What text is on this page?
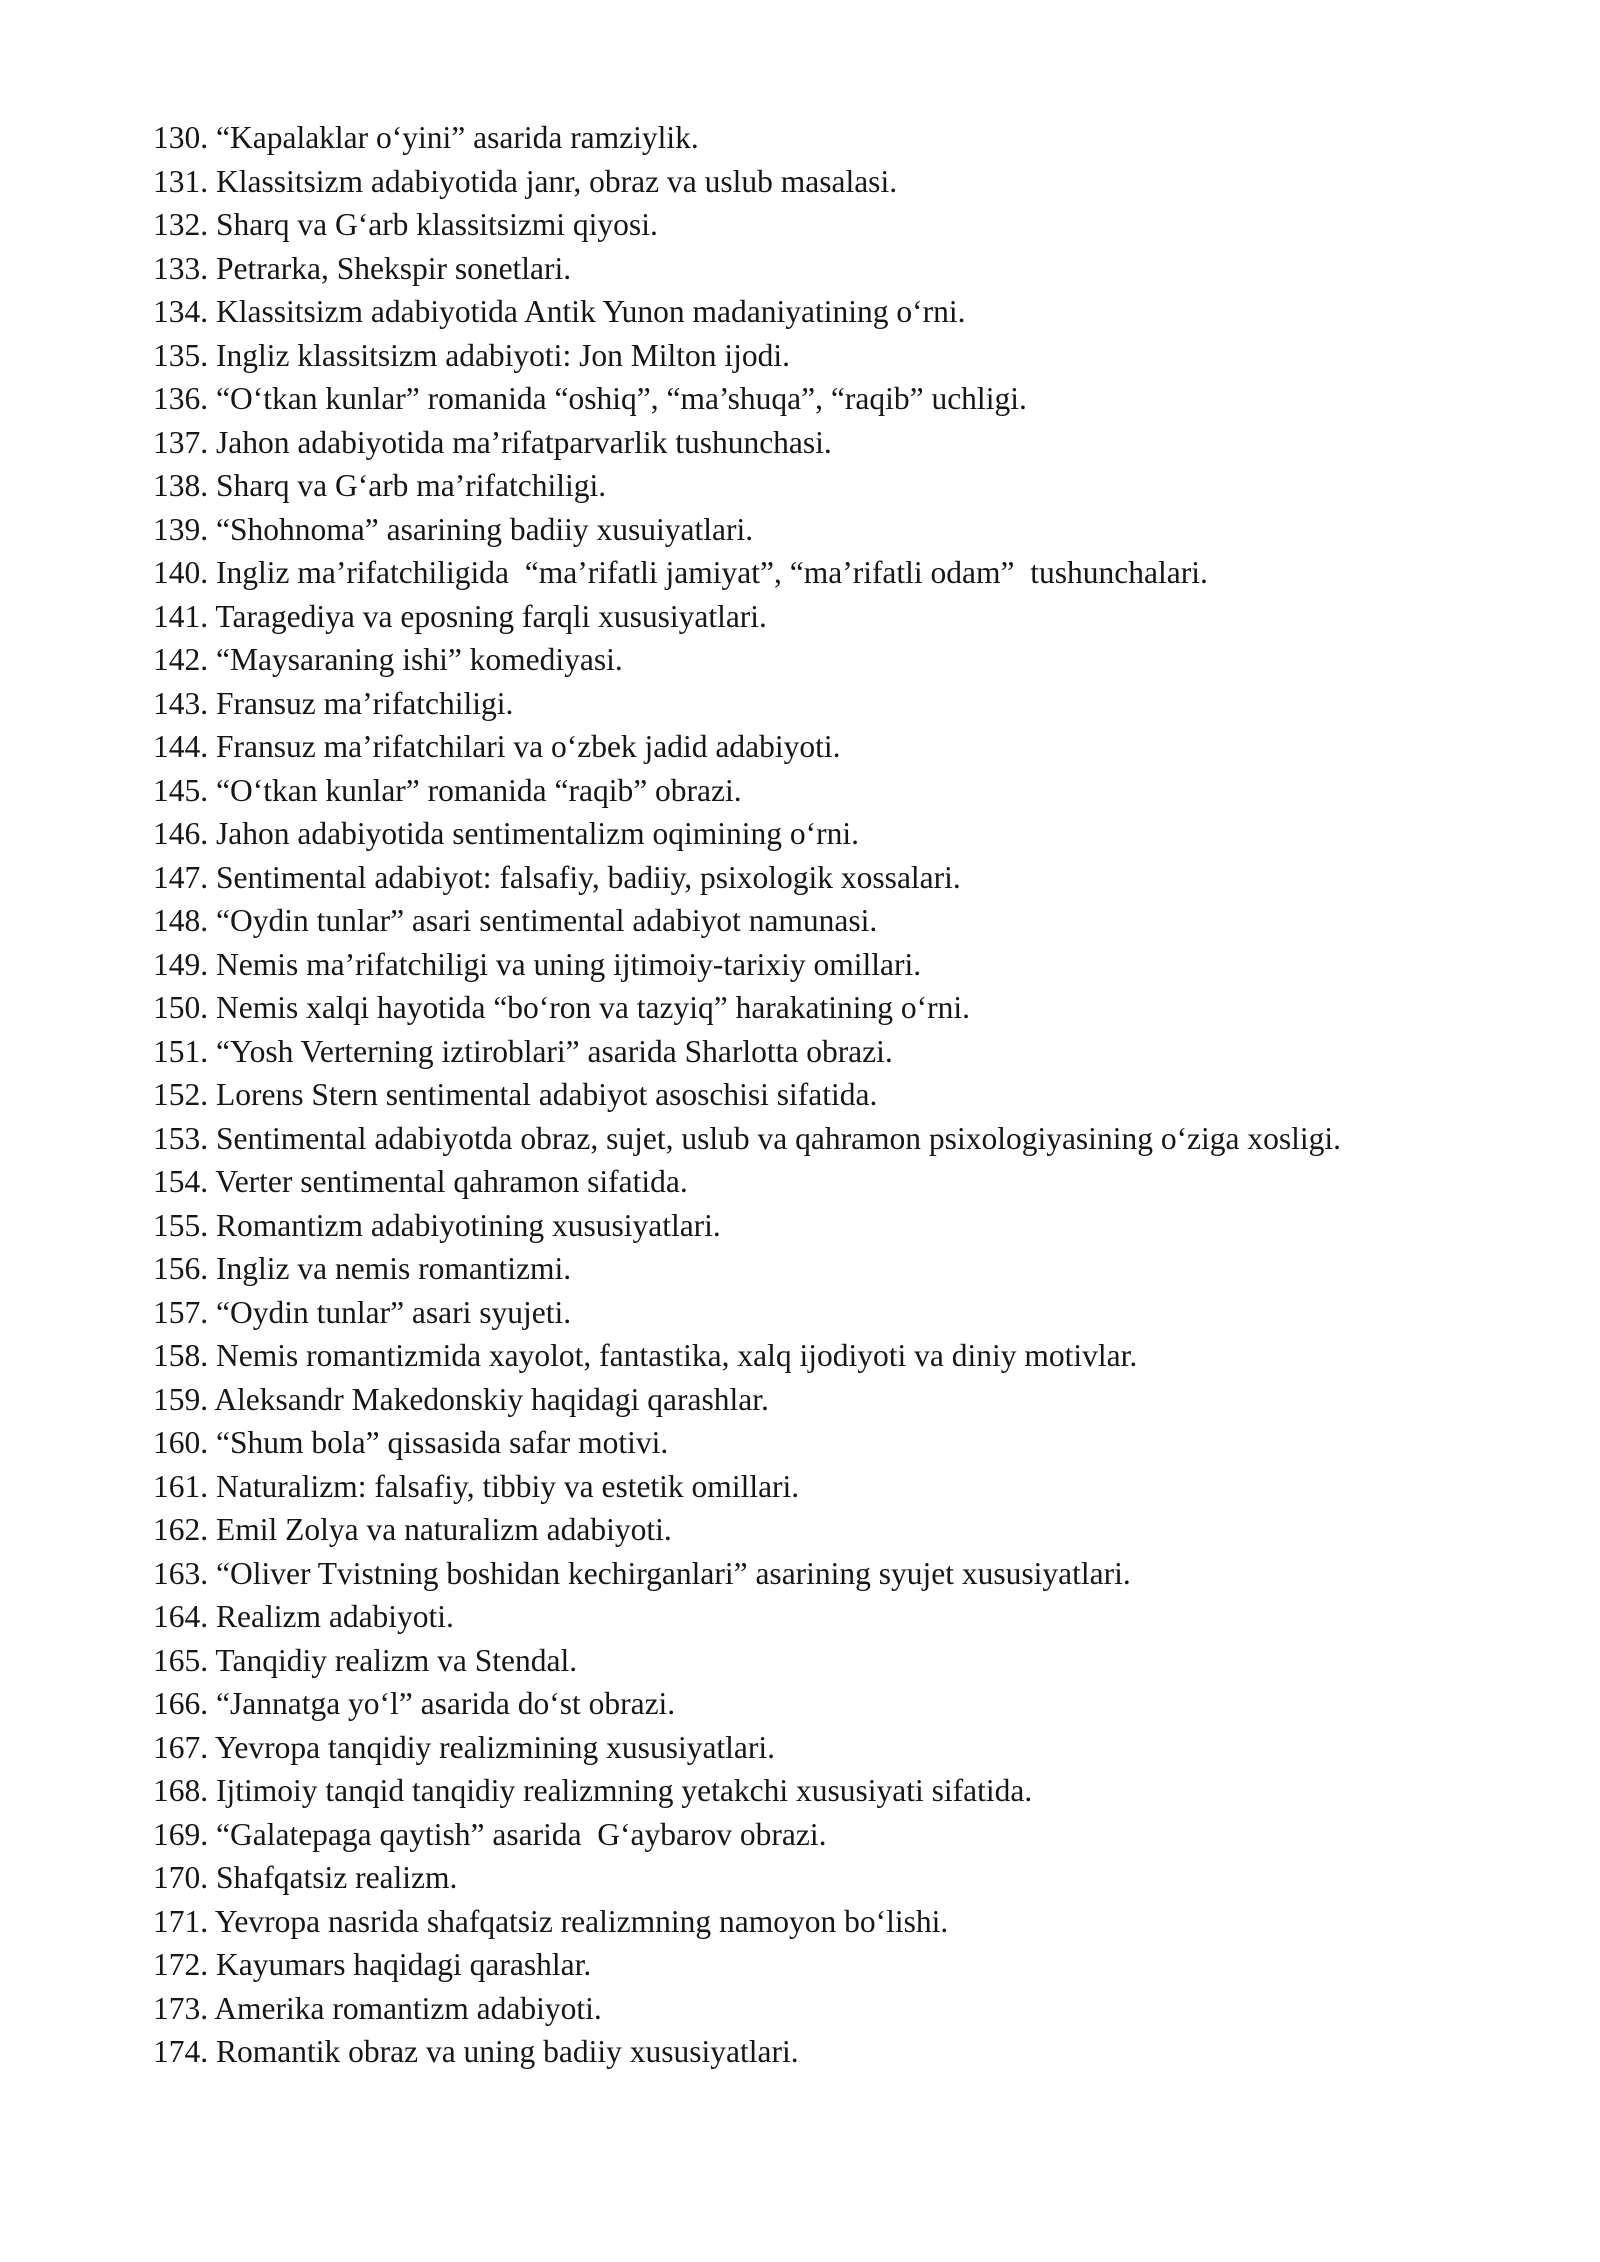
130. “Kapalaklar o‘yini” asarida ramziylik.
131. Klassitsizm adabiyotida janr, obraz va uslub masalasi.
132. Sharq va G‘arb klassitsizmi qiyosi.
133. Petrarka, Shekspir sonetlari.
134. Klassitsizm adabiyotida Antik Yunon madaniyatining o‘rni.
135. Ingliz klassitsizm adabiyoti: Jon Milton ijodi.
136. “O‘tkan kunlar” romanida “oshiq”, “ma’shuqa”, “raqib” uchligi.
137. Jahon adabiyotida ma’rifatparvarlik tushunchasi.
138. Sharq va G‘arb ma’rifatchiligi.
139. “Shohnoma” asarining badiiy xusuiyatlari.
140. Ingliz ma’rifatchiligida  “ma’rifatli jamiyat”, “ma’rifatli odam”  tushunchalari.
141. Taragediya va eposning farqli xususiyatlari.
142. “Maysaraning ishi” komediyasi.
143. Fransuz ma’rifatchiligi.
144. Fransuz ma’rifatchilari va o‘zbek jadid adabiyoti.
145. “O‘tkan kunlar” romanida “raqib” obrazi.
146. Jahon adabiyotida sentimentalizm oqimining o‘rni.
147. Sentimental adabiyot: falsafiy, badiiy, psixologik xossalari.
148. “Oydin tunlar” asari sentimental adabiyot namunasi.
149. Nemis ma’rifatchiligi va uning ijtimoiy-tarixiy omillari.
150. Nemis xalqi hayotida “bo‘ron va tazyiq” harakatining o‘rni.
151. “Yosh Verterning iztiroblari” asarida Sharlotta obrazi.
152. Lorens Stern sentimental adabiyot asoschisi sifatida.
153. Sentimental adabiyotda obraz, sujet, uslub va qahramon psixologiyasining o‘ziga xosligi.
154. Verter sentimental qahramon sifatida.
155. Romantizm adabiyotining xususiyatlari.
156. Ingliz va nemis romantizmi.
157. “Oydin tunlar” asari syujeti.
158. Nemis romantizmida xayolot, fantastika, xalq ijodiyoti va diniy motivlar.
159. Aleksandr Makedonskiy haqidagi qarashlar.
160. “Shum bola” qissasida safar motivi.
161. Naturalizm: falsafiy, tibbiy va estetik omillari.
162. Emil Zolya va naturalizm adabiyoti.
163. “Oliver Tvistning boshidan kechirganlari” asarining syujet xususiyatlari.
164. Realizm adabiyoti.
165. Tanqidiy realizm va Stendal.
166. “Jannatga yo‘l” asarida do‘st obrazi.
167. Yevropa tanqidiy realizmining xususiyatlari.
168. Ijtimoiy tanqid tanqidiy realizmning yetakchi xususiyati sifatida.
169. “Galatepaga qaytish” asarida  G‘aybarov obrazi.
170. Shafqatsiz realizm.
171. Yevropa nasrida shafqatsiz realizmning namoyon bo‘lishi.
172. Kayumars haqidagi qarashlar.
173. Amerika romantizm adabiyoti.
174. Romantik obraz va uning badiiy xususiyatlari.
